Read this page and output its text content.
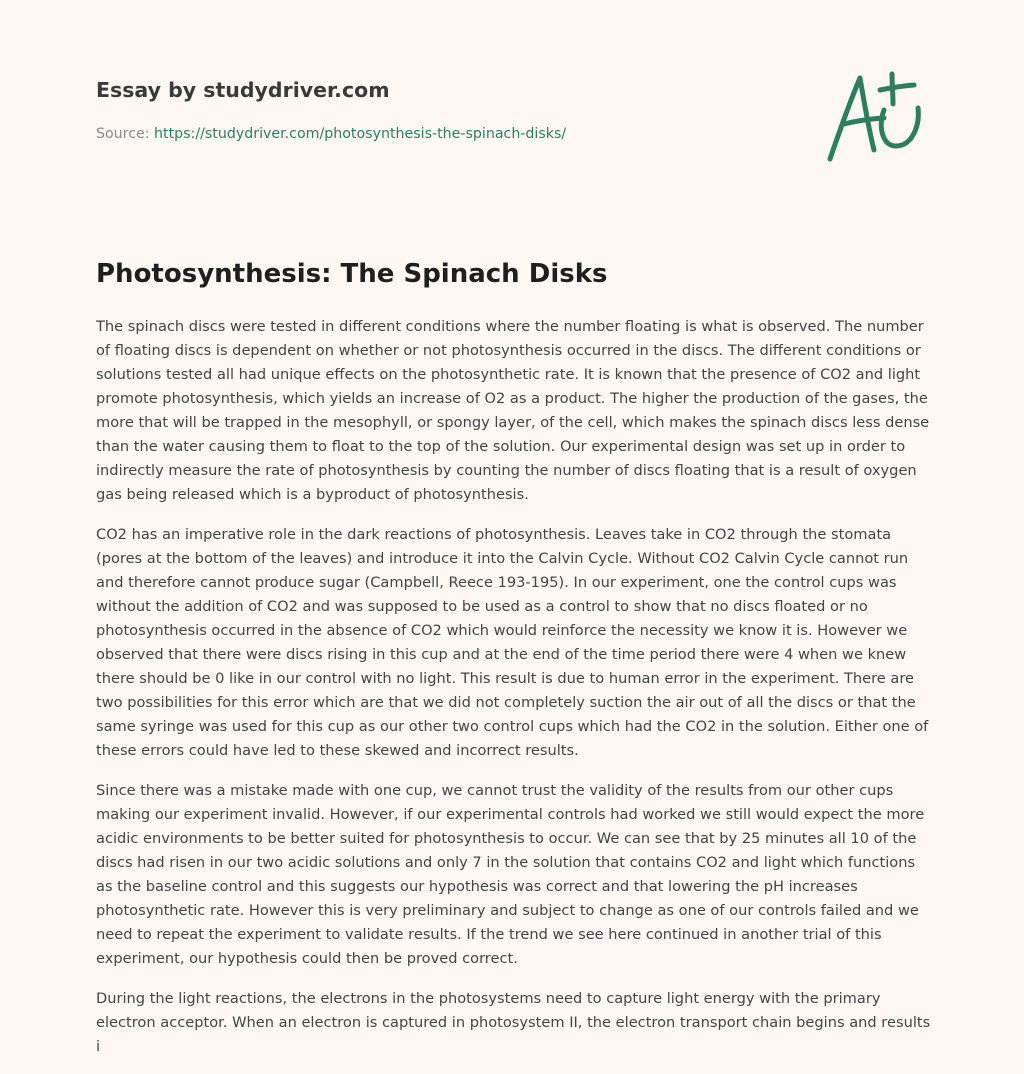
Essay by studydriver.com
Source: https://studydriver.com/photosynthesis-the-spinach-disks/
Photosynthesis: The Spinach Disks

The spinach discs were tested in different conditions where the number floating is what is observed. The number of floating discs is dependent on whether or not photosynthesis occurred in the discs. The different conditions or solutions tested all had unique effects on the photosynthetic rate. It is known that the presence of CO2 and light promote photosynthesis, which yields an increase of O2 as a product. The higher the production of the gases, the more that will be trapped in the mesophyll, or spongy layer, of the cell, which makes the spinach discs less dense than the water causing them to float to the top of the solution. Our experimental design was set up in order to indirectly measure the rate of photosynthesis by counting the number of discs floating that is a result of oxygen gas being released which is a byproduct of photosynthesis.

CO2 has an imperative role in the dark reactions of photosynthesis. Leaves take in CO2 through the stomata (pores at the bottom of the leaves) and introduce it into the Calvin Cycle. Without CO2 Calvin Cycle cannot run and therefore cannot produce sugar (Campbell, Reece 193-195). In our experiment, one the control cups was without the addition of CO2 and was supposed to be used as a control to show that no discs floated or no photosynthesis occurred in the absence of CO2 which would reinforce the necessity we know it is. However we observed that there were discs rising in this cup and at the end of the time period there were 4 when we knew there should be 0 like in our control with no light. This result is due to human error in the experiment. There are two possibilities for this error which are that we did not completely suction the air out of all the discs or that the same syringe was used for this cup as our other two control cups which had the CO2 in the solution. Either one of these errors could have led to these skewed and incorrect results.

Since there was a mistake made with one cup, we cannot trust the validity of the results from our other cups making our experiment invalid. However, if our experimental controls had worked we still would expect the more acidic environments to be better suited for photosynthesis to occur. We can see that by 25 minutes all 10 of the discs had risen in our two acidic solutions and only 7 in the solution that contains CO2 and light which functions as the baseline control and this suggests our hypothesis was correct and that lowering the pH increases photosynthetic rate. However this is very preliminary and subject to change as one of our controls failed and we need to repeat the experiment to validate results. If the trend we see here continued in another trial of this experiment, our hypothesis could then be proved correct.

During the light reactions, the electrons in the photosystems need to capture light energy with the primary electron acceptor. When an electron is captured in photosystem II, the electron transport chain begins and results i
